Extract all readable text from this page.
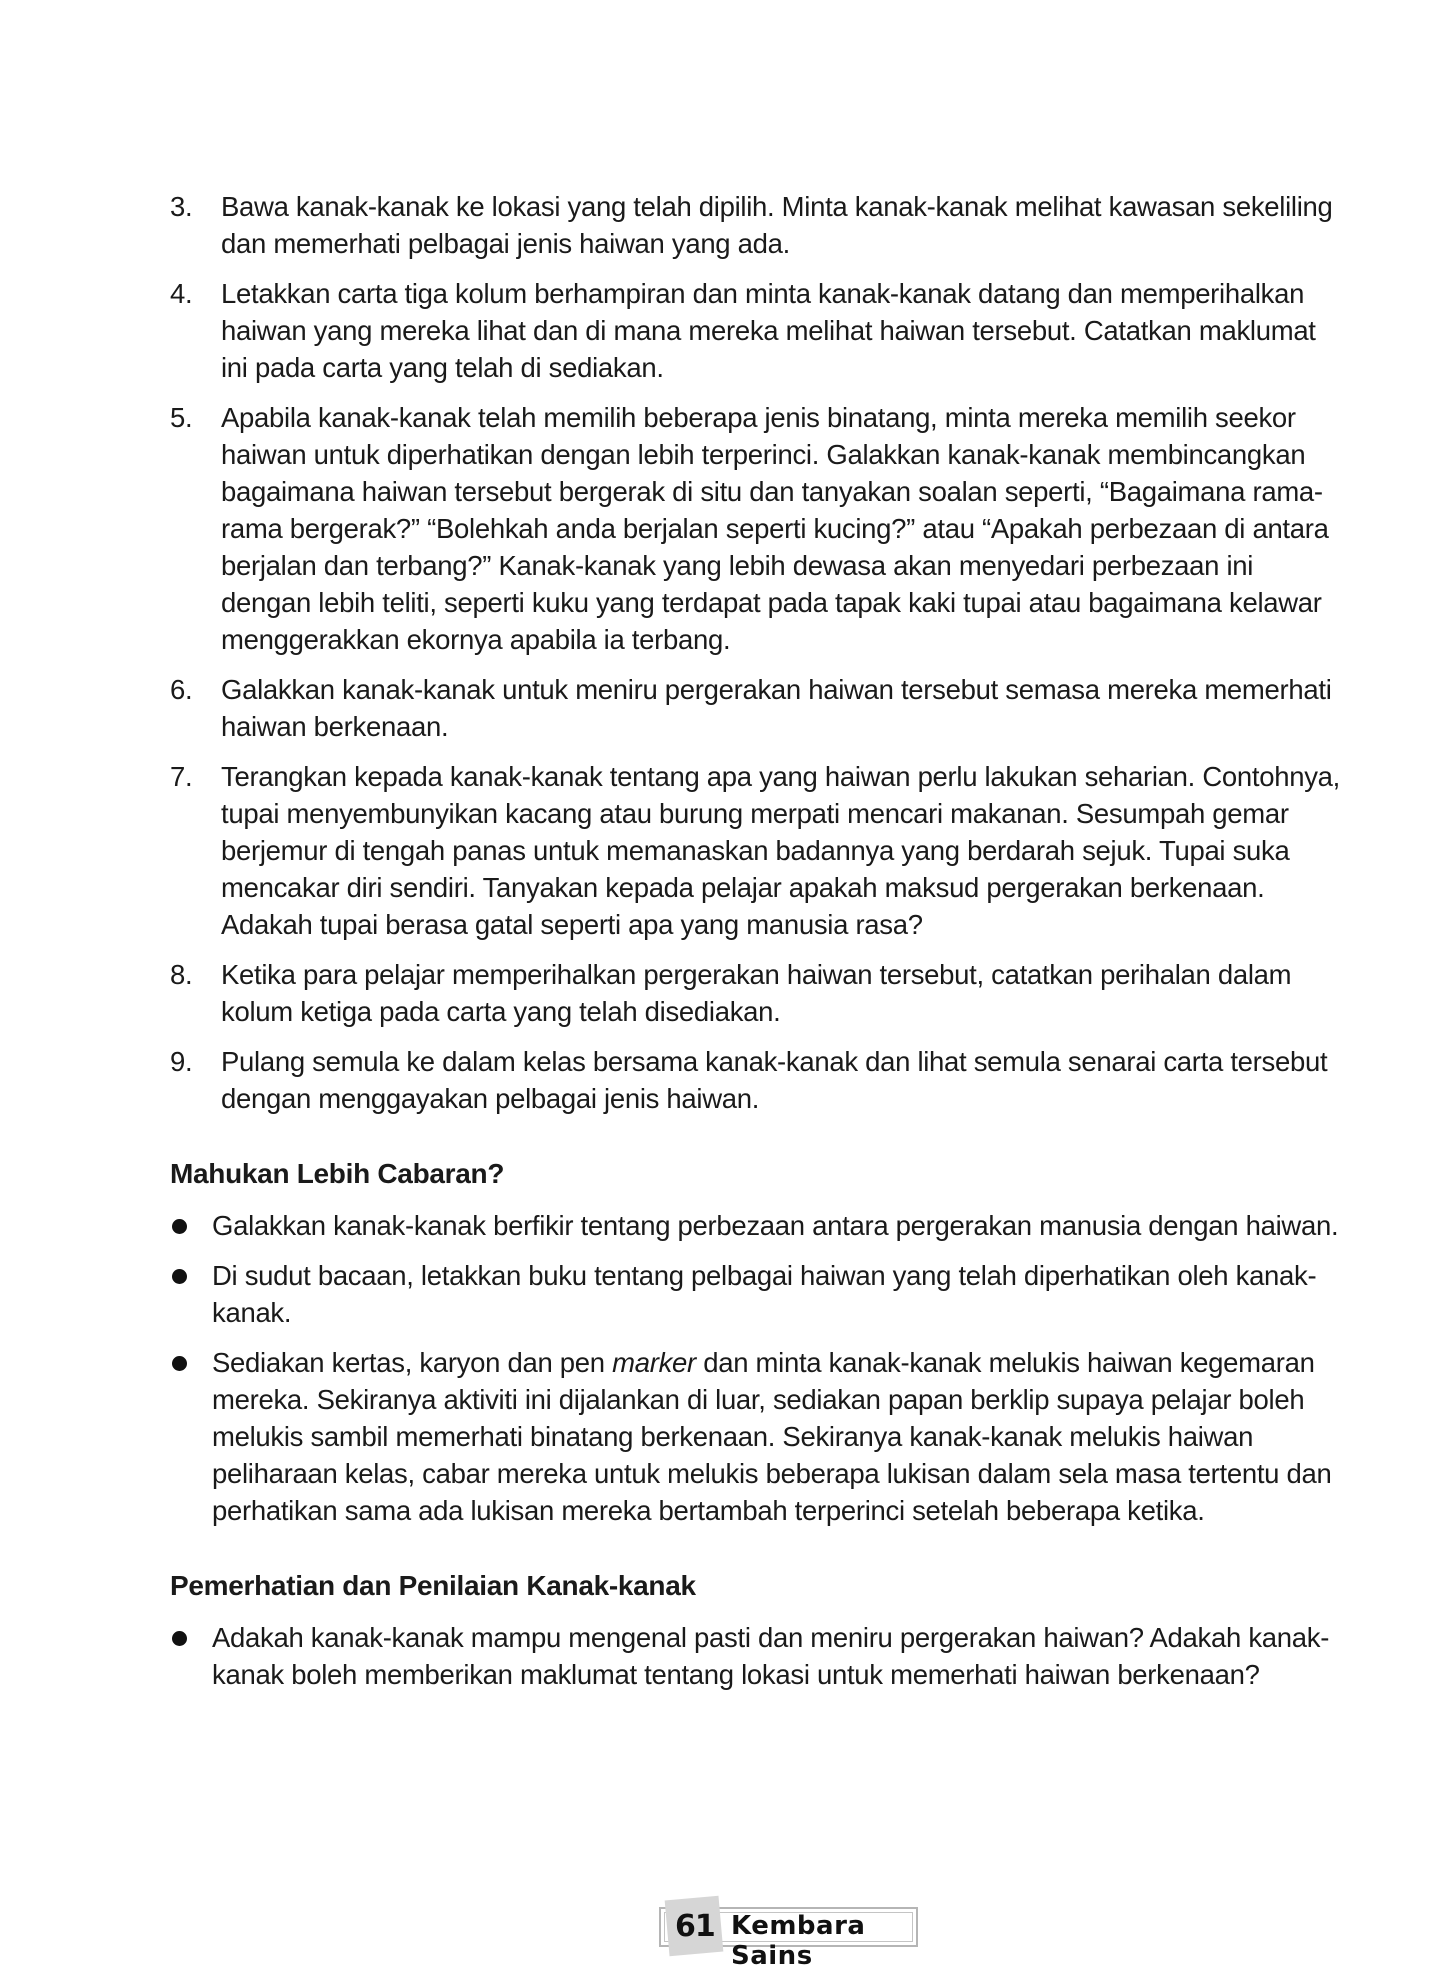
3. Bawa kanak-kanak ke lokasi yang telah dipilih. Minta kanak-kanak melihat kawasan sekeliling dan memerhati pelbagai jenis haiwan yang ada.
4. Letakkan carta tiga kolum berhampiran dan minta kanak-kanak datang dan memperihalkan haiwan yang mereka lihat dan di mana mereka melihat haiwan tersebut. Catatkan maklumat ini pada carta yang telah di sediakan.
5. Apabila kanak-kanak telah memilih beberapa jenis binatang, minta mereka memilih seekor haiwan untuk diperhatikan dengan lebih terperinci. Galakkan kanak-kanak membincangkan bagaimana haiwan tersebut bergerak di situ dan tanyakan soalan seperti, “Bagaimana rama-rama bergerak?” “Bolehkah anda berjalan seperti kucing?” atau “Apakah perbezaan di antara berjalan dan terbang?” Kanak-kanak yang lebih dewasa akan menyedari perbezaan ini dengan lebih teliti, seperti kuku yang terdapat pada tapak kaki tupai atau bagaimana kelawar menggerakkan ekornya apabila ia terbang.
6. Galakkan kanak-kanak untuk meniru pergerakan haiwan tersebut semasa mereka memerhati haiwan berkenaan.
7. Terangkan kepada kanak-kanak tentang apa yang haiwan perlu lakukan seharian. Contohnya, tupai menyembunyikan kacang atau burung merpati mencari makanan. Sesumpah gemar berjemur di tengah panas untuk memanaskan badannya yang berdarah sejuk. Tupai suka mencakar diri sendiri. Tanyakan kepada pelajar apakah maksud pergerakan berkenaan. Adakah tupai berasa gatal seperti apa yang manusia rasa?
8. Ketika para pelajar memperihalkan pergerakan haiwan tersebut, catatkan perihalan dalam kolum ketiga pada carta yang telah disediakan.
9. Pulang semula ke dalam kelas bersama kanak-kanak dan lihat semula senarai carta tersebut dengan menggayakan pelbagai jenis haiwan.
Mahukan Lebih Cabaran?
Galakkan kanak-kanak berfikir tentang perbezaan antara pergerakan manusia dengan haiwan.
Di sudut bacaan, letakkan buku tentang pelbagai haiwan yang telah diperhatikan oleh kanak-kanak.
Sediakan kertas, karyon dan pen marker dan minta kanak-kanak melukis haiwan kegemaran mereka. Sekiranya aktiviti ini dijalankan di luar, sediakan papan berklip supaya pelajar boleh melukis sambil memerhati binatang berkenaan. Sekiranya kanak-kanak melukis haiwan peliharaan kelas, cabar mereka untuk melukis beberapa lukisan dalam sela masa tertentu dan perhatikan sama ada lukisan mereka bertambah terperinci setelah beberapa ketika.
Pemerhatian dan Penilaian Kanak-kanak
Adakah kanak-kanak mampu mengenal pasti dan meniru pergerakan haiwan? Adakah kanak-kanak boleh memberikan maklumat tentang lokasi untuk memerhati haiwan berkenaan?
61 Kembara Sains
